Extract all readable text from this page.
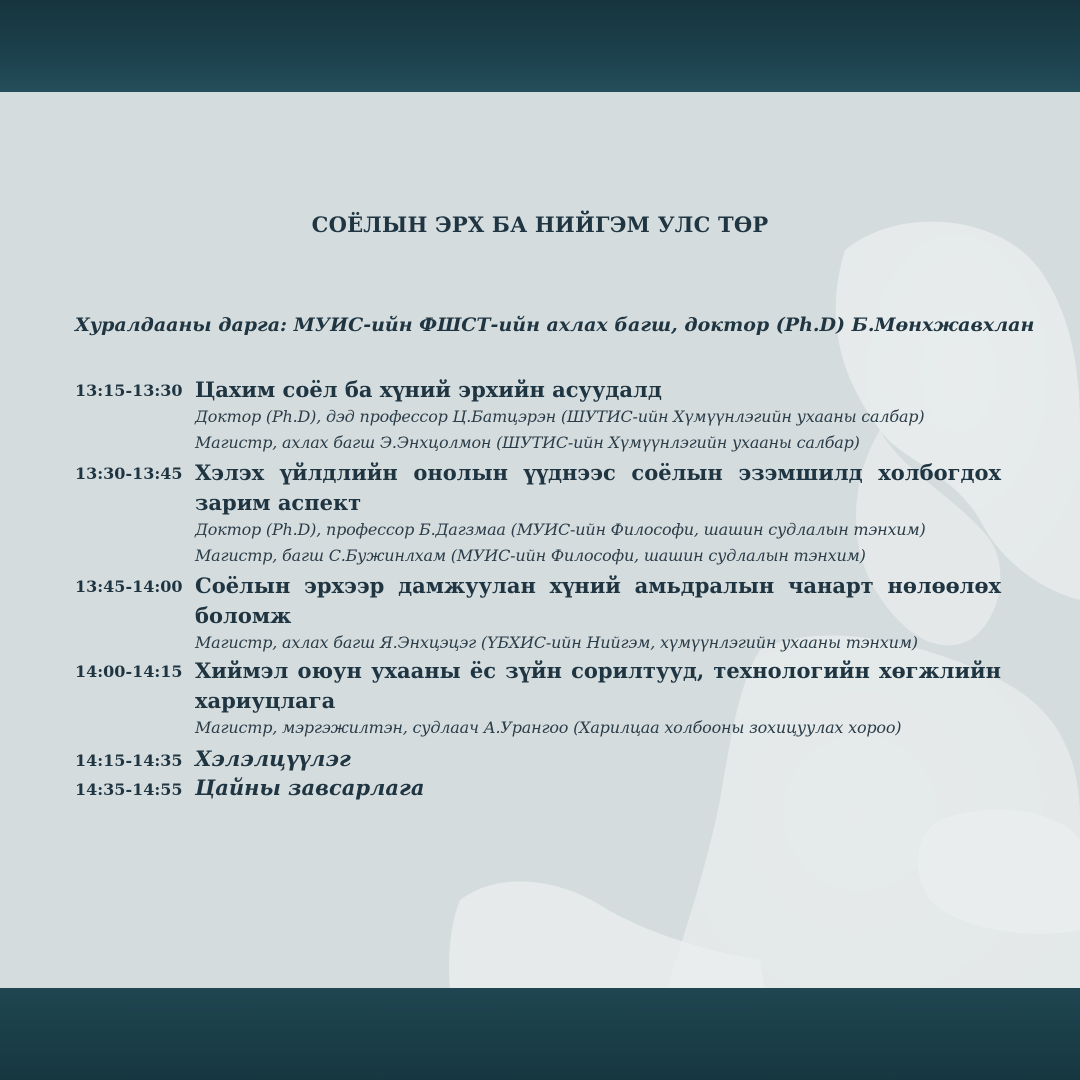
СОЁЛЫН ЭРХ БА НИЙГЭМ УЛС ТӨР
Хуралдааны дарга: МУИС-ийн ФШСТ-ийн ахлах багш, доктор (Ph.D) Б.Мөнхжавхлан
13:15-13:30 Цахим соёл ба хүний эрхийн асуудалд
Доктор (Ph.D), дэд профессор Ц.Батцэрэн (ШУТИС-ийн Хүмүүнлэгийн ухааны салбар)
Магистр, ахлах багш Э.Энхцолмон (ШУТИС-ийн Хүмүүнлэгийн ухааны салбар)
13:30-13:45 Хэлэх үйлдлийн онолын үүднээс соёлын эзэмшилд холбогдох зарим аспект
Доктор (Ph.D), профессор Б.Дагзмаа (МУИС-ийн Философи, шашин судлалын тэнхим)
Магистр, багш С.Бужинлхам (МУИС-ийн Философи, шашин судлалын тэнхим)
13:45-14:00 Соёлын эрхээр дамжуулан хүний амьдралын чанарт нөлөөлөх боломж
Магистр, ахлах багш Я.Энхцэцэг (ҮБХИС-ийн Нийгэм, хүмүүнлэгийн ухааны тэнхим)
14:00-14:15 Хиймэл оюун ухааны ёс зүйн сорилтууд, технологийн хөгжлийн хариуцлага
Магистр, мэргэжилтэн, судлаач А.Урангоо (Харилцаа холбооны зохицуулах хороо)
14:15-14:35 Хэлэлцүүлэг
14:35-14:55 Цайны завсарлага
